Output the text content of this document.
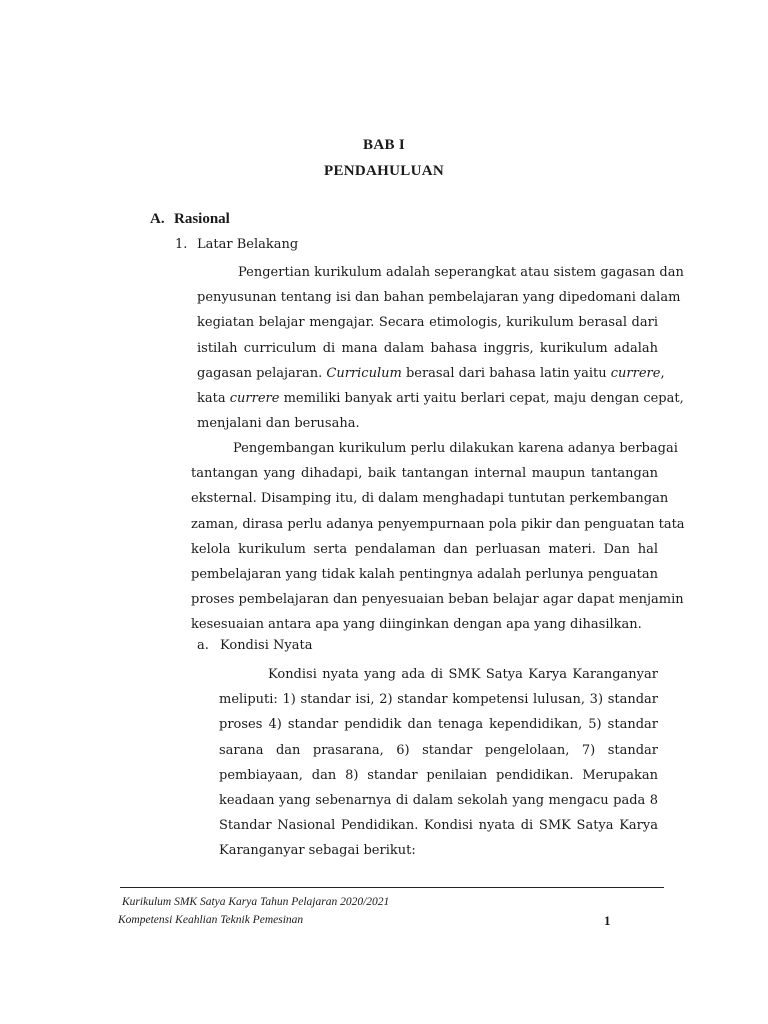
BAB I
PENDAHULUAN
A. Rasional
1. Latar Belakang
Pengertian kurikulum adalah seperangkat atau sistem gagasan dan
penyusunan tentang isi dan bahan pembelajaran yang dipedomani dalam
kegiatan belajar mengajar. Secara etimologis, kurikulum berasal dari
istilah curriculum di mana dalam bahasa inggris, kurikulum adalah
gagasan pelajaran. Curriculum berasal dari bahasa latin yaitu currere,
kata currere memiliki banyak arti yaitu berlari cepat, maju dengan cepat,
menjalani dan berusaha.
Pengembangan kurikulum perlu dilakukan karena adanya berbagai
tantangan yang dihadapi, baik tantangan internal maupun tantangan
eksternal. Disamping itu, di dalam menghadapi tuntutan perkembangan
zaman, dirasa perlu adanya penyempurnaan pola pikir dan penguatan tata
kelola kurikulum serta pendalaman dan perluasan materi. Dan hal
pembelajaran yang tidak kalah pentingnya adalah perlunya penguatan
proses pembelajaran dan penyesuaian beban belajar agar dapat menjamin
kesesuaian antara apa yang diinginkan dengan apa yang dihasilkan.
a. Kondisi Nyata
Kondisi nyata yang ada di SMK Satya Karya Karanganyar
meliputi: 1) standar isi, 2) standar kompetensi lulusan, 3) standar
proses 4) standar pendidik dan tenaga kependidikan, 5) standar
sarana dan prasarana, 6) standar pengelolaan, 7) standar
pembiayaan, dan 8) standar penilaian pendidikan. Merupakan
keadaan yang sebenarnya di dalam sekolah yang mengacu pada 8
Standar Nasional Pendidikan. Kondisi nyata di SMK Satya Karya
Karanganyar sebagai berikut:
Kurikulum SMK Satya Karya Tahun Pelajaran 2020/2021
Kompetensi Keahlian Teknik Pemesinan	1
